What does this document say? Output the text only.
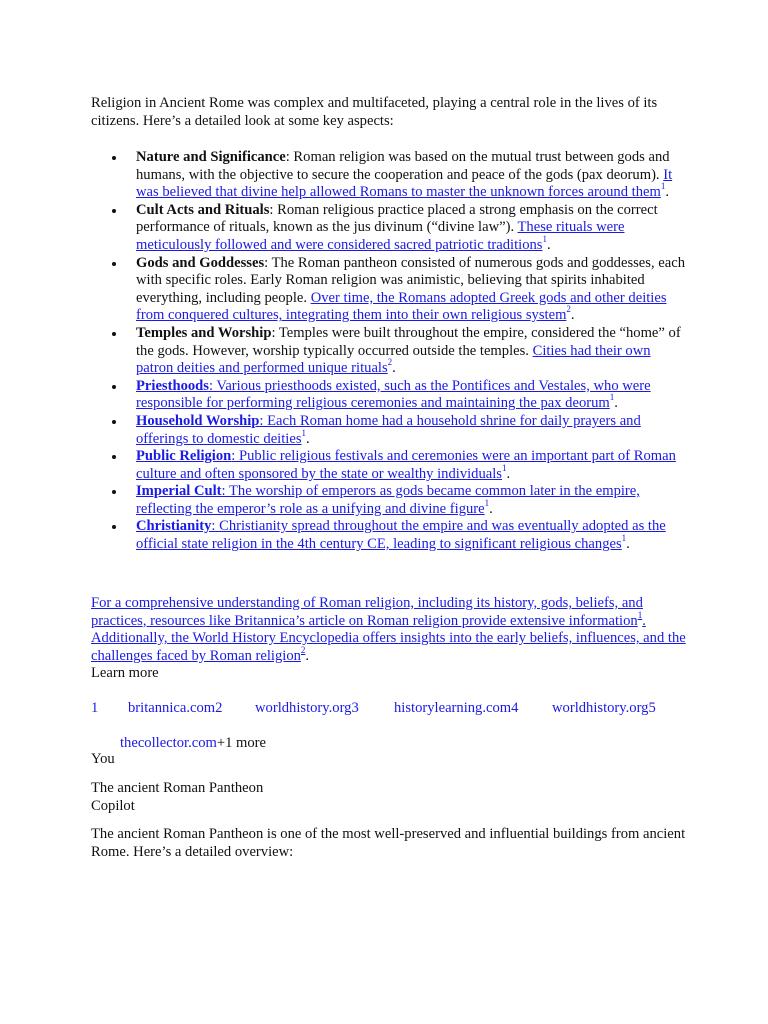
Religion in Ancient Rome was complex and multifaceted, playing a central role in the lives of its citizens. Here’s a detailed look at some key aspects:

Nature and Significance: Roman religion was based on the mutual trust between gods and humans, with the objective to secure the cooperation and peace of the gods (pax deorum). It was believed that divine help allowed Romans to master the unknown forces around them$^1$.
Cult Acts and Rituals: Roman religious practice placed a strong emphasis on the correct performance of rituals, known as the jus divinum (“divine law”). These rituals were meticulously followed and were considered sacred patriotic traditions$^1$.
Gods and Goddesses: The Roman pantheon consisted of numerous gods and goddesses, each with specific roles. Early Roman religion was animistic, believing that spirits inhabited everything, including people. Over time, the Romans adopted Greek gods and other deities from conquered cultures, integrating them into their own religious system$^2$.
Temples and Worship: Temples were built throughout the empire, considered the “home” of the gods. However, worship typically occurred outside the temples. Cities had their own patron deities and performed unique rituals$^2$.
Priesthoods: Various priesthoods existed, such as the Pontifices and Vestales, who were responsible for performing religious ceremonies and maintaining the pax deorum$^1$.
Household Worship: Each Roman home had a household shrine for daily prayers and offerings to domestic deities$^1$.
Public Religion: Public religious festivals and ceremonies were an important part of Roman culture and often sponsored by the state or wealthy individuals$^1$.
Imperial Cult: The worship of emperors as gods became common later in the empire, reflecting the emperor’s role as a unifying and divine figure$^1$.
Christianity: Christianity spread throughout the empire and was eventually adopted as the official state religion in the 4th century CE, leading to significant religious changes$^1$.

For a comprehensive understanding of Roman religion, including its history, gods, beliefs, and practices, resources like Britannica’s article on Roman religion provide extensive information$^1$. Additionally, the World History Encyclopedia offers insights into the early beliefs, influences, and the challenges faced by Roman religion$^2$.

Learn more

1 britannica.com2 worldhistory.org3 historylearning.com4 worldhistory.org5

thecollector.com+1 more

You

The ancient Roman Pantheon

Copilot

The ancient Roman Pantheon is one of the most well-preserved and influential buildings from ancient Rome. Here’s a detailed overview:
